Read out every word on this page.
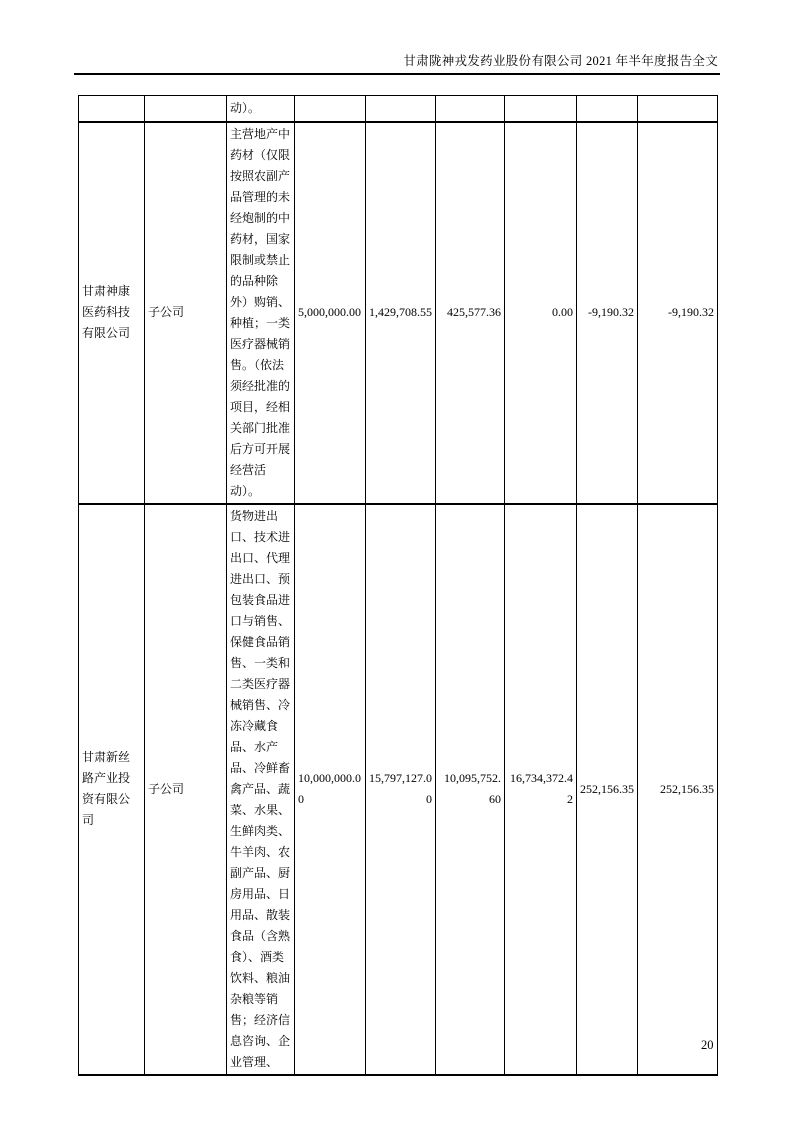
甘肃陇神戎发药业股份有限公司 2021 年半年度报告全文
		动）。						
甘肃神康医药科技有限公司	子公司	主营地产中药材（仅限按照农副产品管理的未经炮制的中药材，国家限制或禁止的品种除外）购销、种植；一类医疗器械销售。（依法须经批准的项目，经相关部门批准后方可开展经营活动）。	5,000,000.00	1,429,708.55	425,577.36	0.00	-9,190.32	-9,190.32
甘肃新丝路产业投资有限公司	子公司	货物进出口、技术进出口、代理进出口、预包装食品进口与销售、保健食品销售、一类和二类医疗器械销售、冷冻冷藏食品、水产品、冷鲜畜禽产品、蔬菜、水果、生鲜肉类、牛羊肉、农副产品、厨房用品、日用品、散装食品（含熟食）、酒类饮料、粮油杂粮等销售；经济信息咨询、企业管理、	10,000,000.00	15,797,127.00	10,095,752.60	16,734,372.42	252,156.35	252,156.35
20
